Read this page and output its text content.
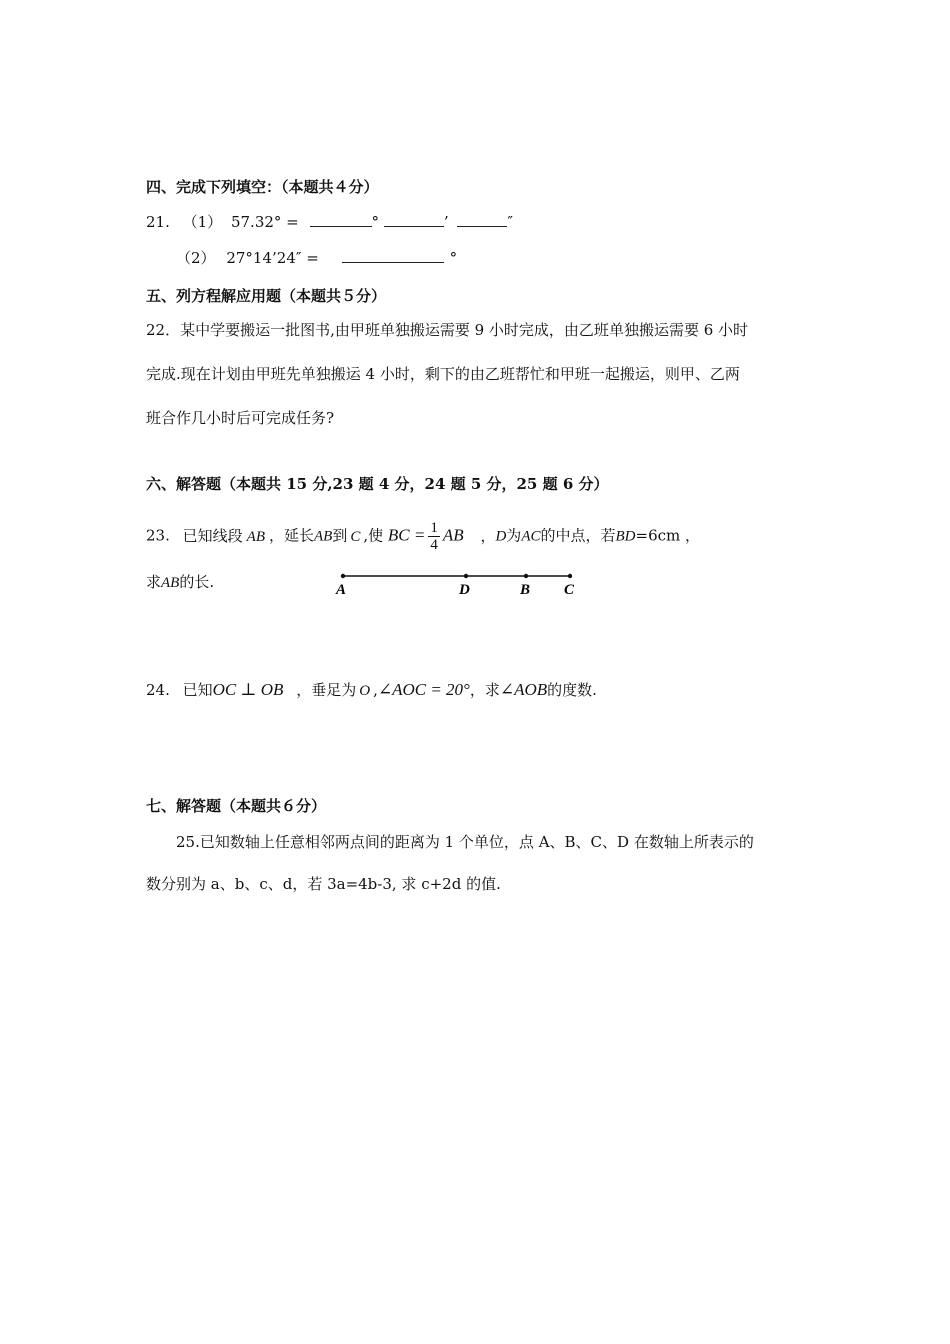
四、完成下列填空：（本题共４分）
21. （1） 57.32° =	°	’	″
（2） 27°14’24″ =	°
五、列方程解应用题（本题共５分）
22．某中学要搬运一批图书,由甲班单独搬运需要 9 小时完成，由乙班单独搬运需要 6 小时
完成.现在计划由甲班先单独搬运 4 小时，剩下的由乙班帮忙和甲班一起搬运，则甲、乙两
班合作几小时后可完成任务?
六、解答题（本题共 15 分,23 题 4 分，24 题 5 分，25 题 6 分）
23. 已知线段 AB ，延长AB到 C ,使 BC = $\frac{1}{4}$ AB ，D为AC的中点，若BD=6cm ，
求AB的长.	A	D	B C
24. 已知OC ⊥ OB ，垂足为 O ,∠AOC = 20°，求∠AOB的度数.
七、解答题（本题共６分）
25.已知数轴上任意相邻两点间的距离为 1 个单位，点 A、B、C、D 在数轴上所表示的
数分别为 a、b、c、d，若 3a=4b-3, 求 c+2d 的值.
